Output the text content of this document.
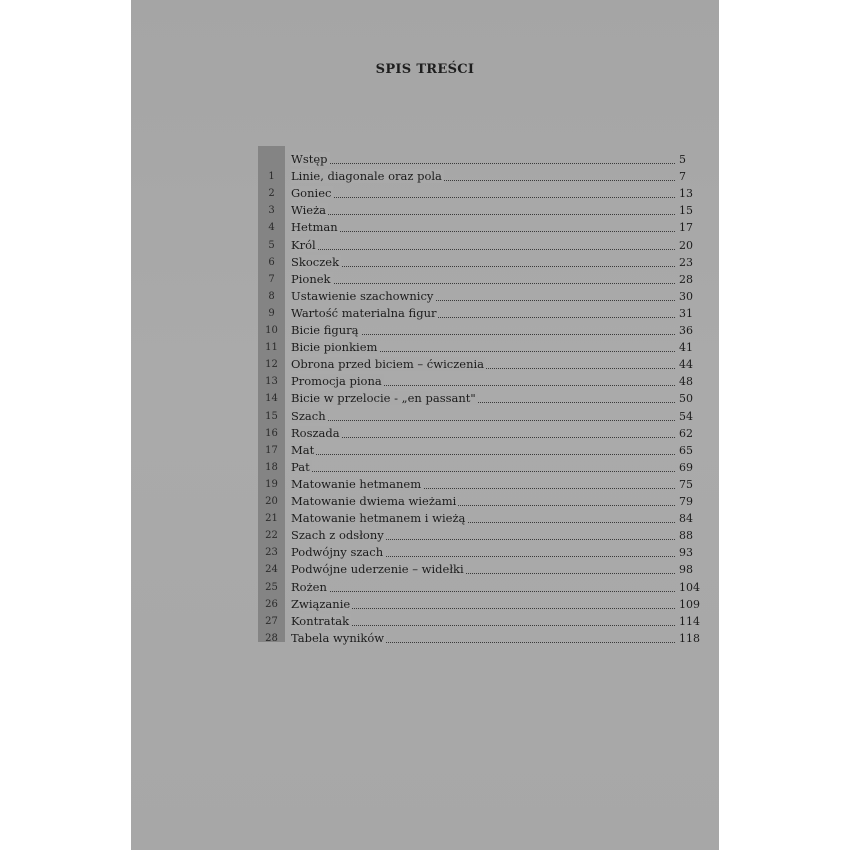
SPIS TREŚCI
Wstęp	5
1	Linie, diagonale oraz pola	7
2	Goniec	13
3	Wieża	15
4	Hetman	17
5	Król	20
6	Skoczek	23
7	Pionek	28
8	Ustawienie szachownicy	30
9	Wartość materialna figur	31
10	Bicie figurą	36
11	Bicie pionkiem	41
12	Obrona przed biciem – ćwiczenia	44
13	Promocja piona	48
14	Bicie w przelocie - „en passant"	50
15	Szach	54
16	Roszada	62
17	Mat	65
18	Pat	69
19	Matowanie hetmanem	75
20	Matowanie dwiema wieżami	79
21	Matowanie hetmanem i wieżą	84
22	Szach z odsłony	88
23	Podwójny szach	93
24	Podwójne uderzenie – widełki	98
25	Rożen	104
26	Związanie	109
27	Kontratak	114
28	Tabela wyników	118
